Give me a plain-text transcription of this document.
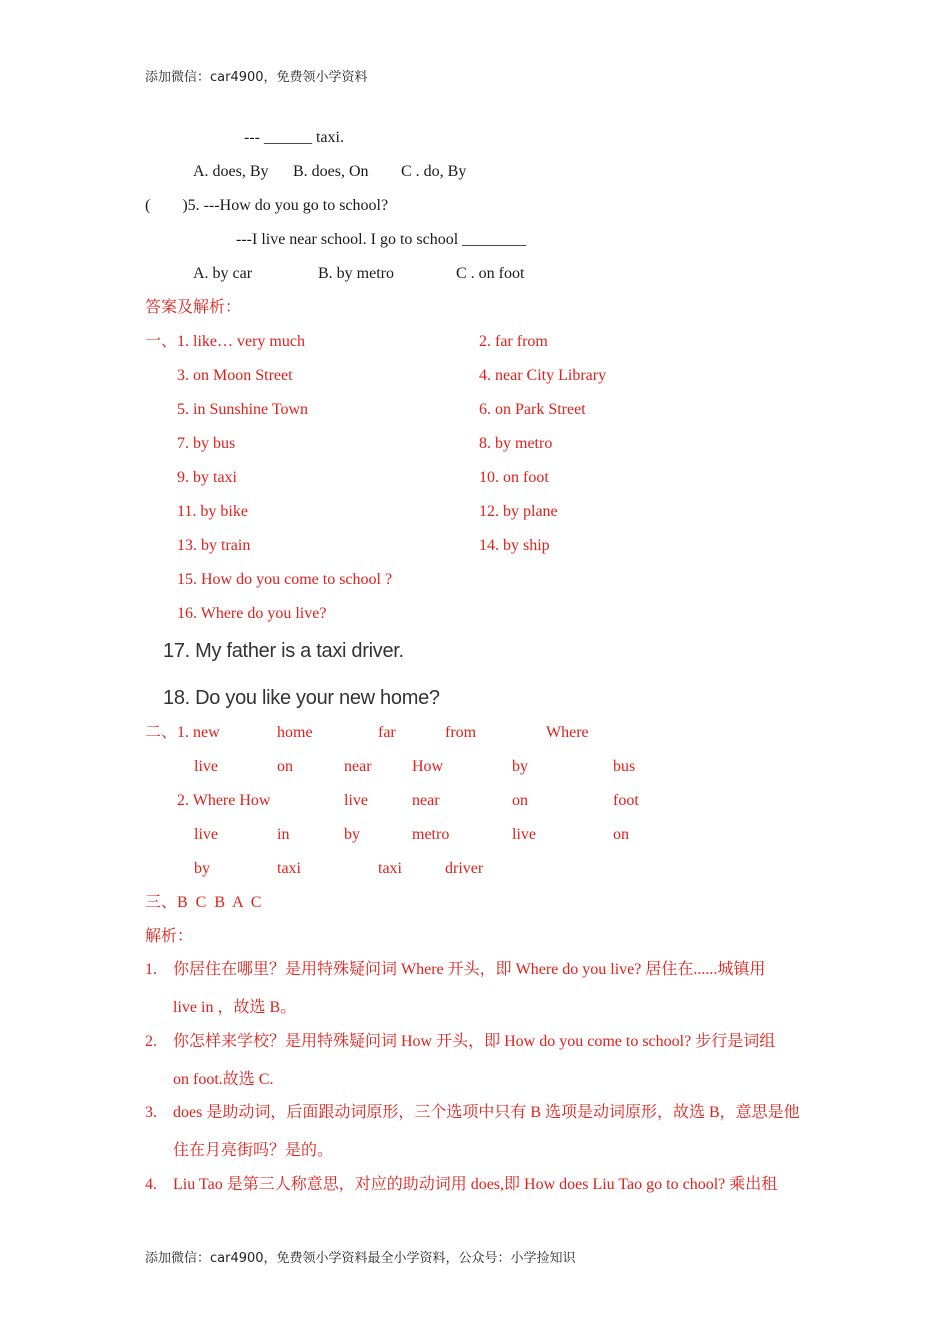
添加微信：car4900，免费领小学资料
--- ______ taxi.
A. does, By B. does, On C . do, By
(        )5. ---How do you go to school?
---I live near school. I go to school ________
A. by car	B. by metro	C . on foot
答案及解析：
一、 1. like… very much	2. far from
3. on Moon Street	4. near City Library
5. in Sunshine Town	6. on Park Street
7. by bus	8. by metro
9. by taxi	10. on foot
11. by bike	12. by plane
13. by train	14. by ship
15. How do you come to school ?
16. Where do you live?
17. My father is a taxi driver.
18. Do you like your new home?
二、 1. new	home	far	from	Where
live	on	near	How	by	bus
2. Where How	live	near	on	foot
live	in	by	metro	live	on
by	taxi	taxi	driver
三、B  C  B  A  C
解析：
1. 你居住在哪里？是用特殊疑问词 Where 开头，即 Where do you live? 居住在......城镇用
live in ，故选 B。
2. 你怎样来学校？是用特殊疑问词 How 开头，即 How do you come to school? 步行是词组
on foot.故选 C.
3. does 是助动词，后面跟动词原形，三个选项中只有 B 选项是动词原形，故选 B，意思是他
住在月亮街吗？是的。
4. Liu Tao 是第三人称意思，对应的助动词用 does,即 How does Liu Tao go to chool? 乘出租
添加微信：car4900，免费领小学资料最全小学资料，公众号：小学捡知识
